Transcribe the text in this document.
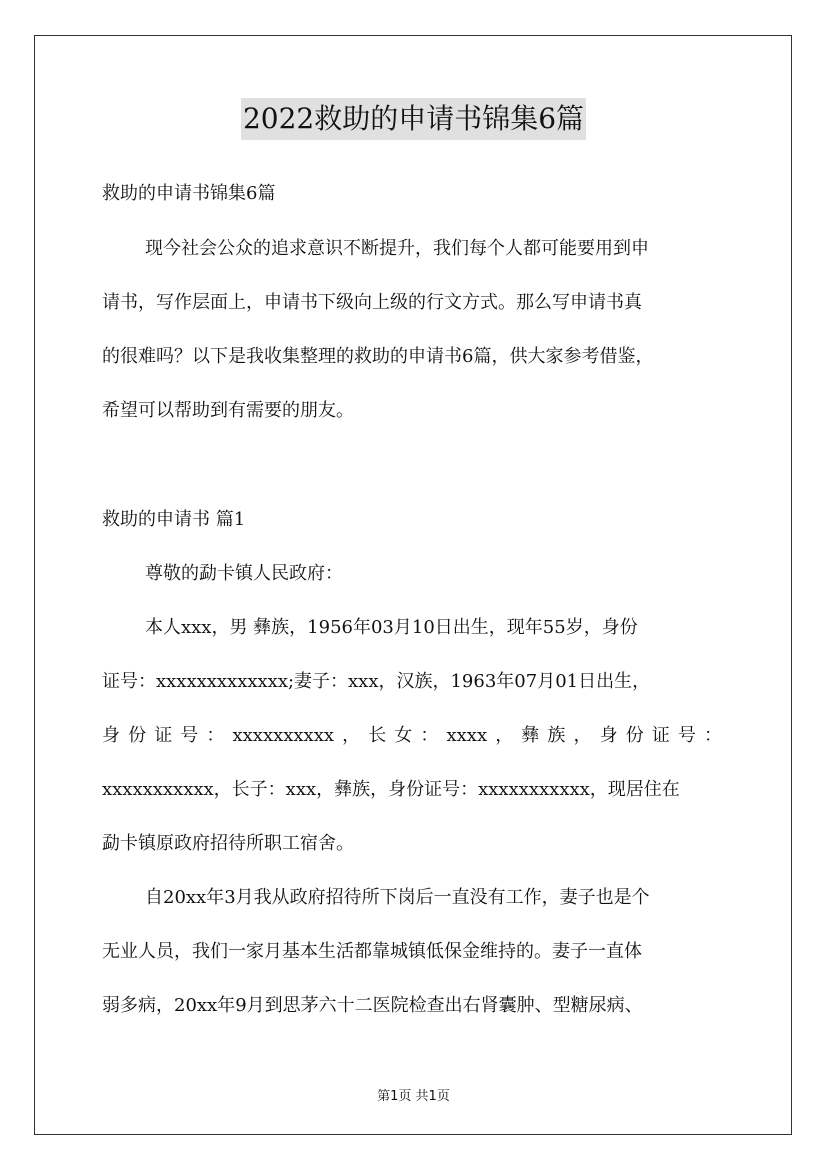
2022救助的申请书锦集6篇
救助的申请书锦集6篇
现今社会公众的追求意识不断提升，我们每个人都可能要用到申
请书，写作层面上，申请书下级向上级的行文方式。那么写申请书真
的很难吗？以下是我收集整理的救助的申请书6篇，供大家参考借鉴，
希望可以帮助到有需要的朋友。
救助的申请书 篇1
尊敬的勐卡镇人民政府：
本人xxx，男 彝族，1956年03月10日出生，现年55岁，身份
证号：xxxxxxxxxxxxx;妻子：xxx，汉族，1963年07月01日出生，
身份证号：xxxxxxxxxx，长女：xxxx，彝族，身份证号：
xxxxxxxxxxx，长子：xxx，彝族，身份证号：xxxxxxxxxxx，现居住在
勐卡镇原政府招待所职工宿舍。
自20xx年3月我从政府招待所下岗后一直没有工作，妻子也是个
无业人员，我们一家月基本生活都靠城镇低保金维持的。妻子一直体
弱多病，20xx年9月到思茅六十二医院检查出右肾囊肿、型糖尿病、
第1页 共1页
